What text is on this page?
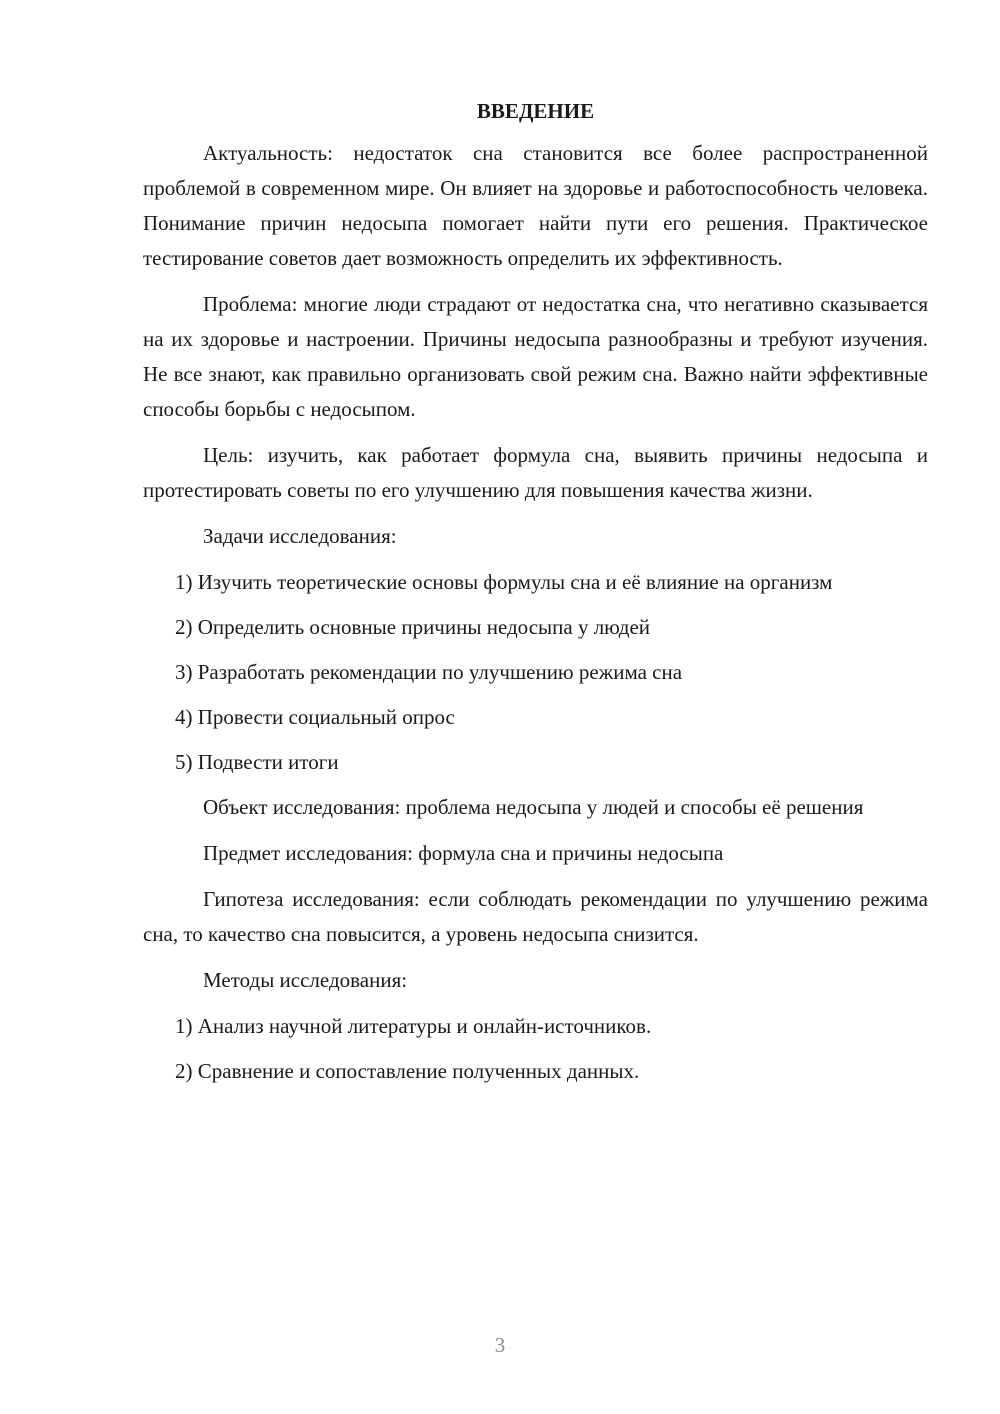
ВВЕДЕНИЕ

Актуальность: недостаток сна становится все более распространенной проблемой в современном мире. Он влияет на здоровье и работоспособность человека. Понимание причин недосыпа помогает найти пути его решения. Практическое тестирование советов дает возможность определить их эффективность.

Проблема: многие люди страдают от недостатка сна, что негативно сказывается на их здоровье и настроении. Причины недосыпа разнообразны и требуют изучения. Не все знают, как правильно организовать свой режим сна. Важно найти эффективные способы борьбы с недосыпом.

Цель: изучить, как работает формула сна, выявить причины недосыпа и протестировать советы по его улучшению для повышения качества жизни.

Задачи исследования:

1) Изучить теоретические основы формулы сна и её влияние на организм

2) Определить основные причины недосыпа у людей

3) Разработать рекомендации по улучшению режима сна

4) Провести социальный опрос

5) Подвести итоги

Объект исследования: проблема недосыпа у людей и способы её решения

Предмет исследования: формула сна и причины недосыпа

Гипотеза исследования: если соблюдать рекомендации по улучшению режима сна, то качество сна повысится, а уровень недосыпа снизится.

Методы исследования:

1) Анализ научной литературы и онлайн-источников.

2) Сравнение и сопоставление полученных данных.

3
